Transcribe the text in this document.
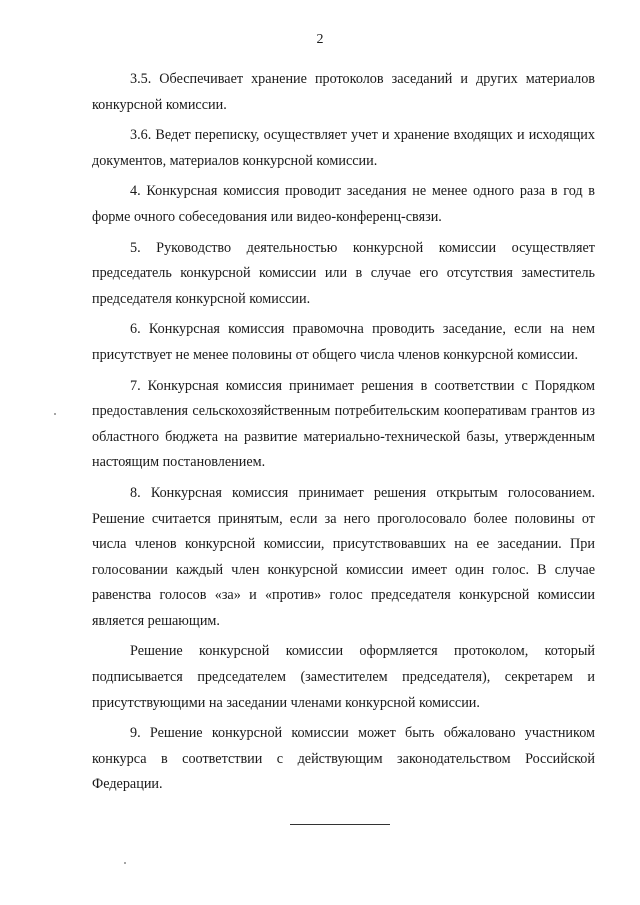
2

3.5. Обеспечивает хранение протоколов заседаний и других материалов конкурсной комиссии.

3.6. Ведет переписку, осуществляет учет и хранение входящих и исходящих документов, материалов конкурсной комиссии.

4. Конкурсная комиссия проводит заседания не менее одного раза в год в форме очного собеседования или видео-конференц-связи.

5. Руководство деятельностью конкурсной комиссии осуществляет председатель конкурсной комиссии или в случае его отсутствия заместитель председателя конкурсной комиссии.

6. Конкурсная комиссия правомочна проводить заседание, если на нем присутствует не менее половины от общего числа членов конкурсной комиссии.

7. Конкурсная комиссия принимает решения в соответствии с Порядком предоставления сельскохозяйственным потребительским кооперативам грантов из областного бюджета на развитие материально-технической базы, утвержденным настоящим постановлением.

8. Конкурсная комиссия принимает решения открытым голосованием. Решение считается принятым, если за него проголосовало более половины от числа членов конкурсной комиссии, присутствовавших на ее заседании. При голосовании каждый член конкурсной комиссии имеет один голос. В случае равенства голосов «за» и «против» голос председателя конкурсной комиссии является решающим.

Решение конкурсной комиссии оформляется протоколом, который подписывается председателем (заместителем председателя), секретарем и присутствующими на заседании членами конкурсной комиссии.

9. Решение конкурсной комиссии может быть обжаловано участником конкурса в соответствии с действующим законодательством Российской Федерации.
